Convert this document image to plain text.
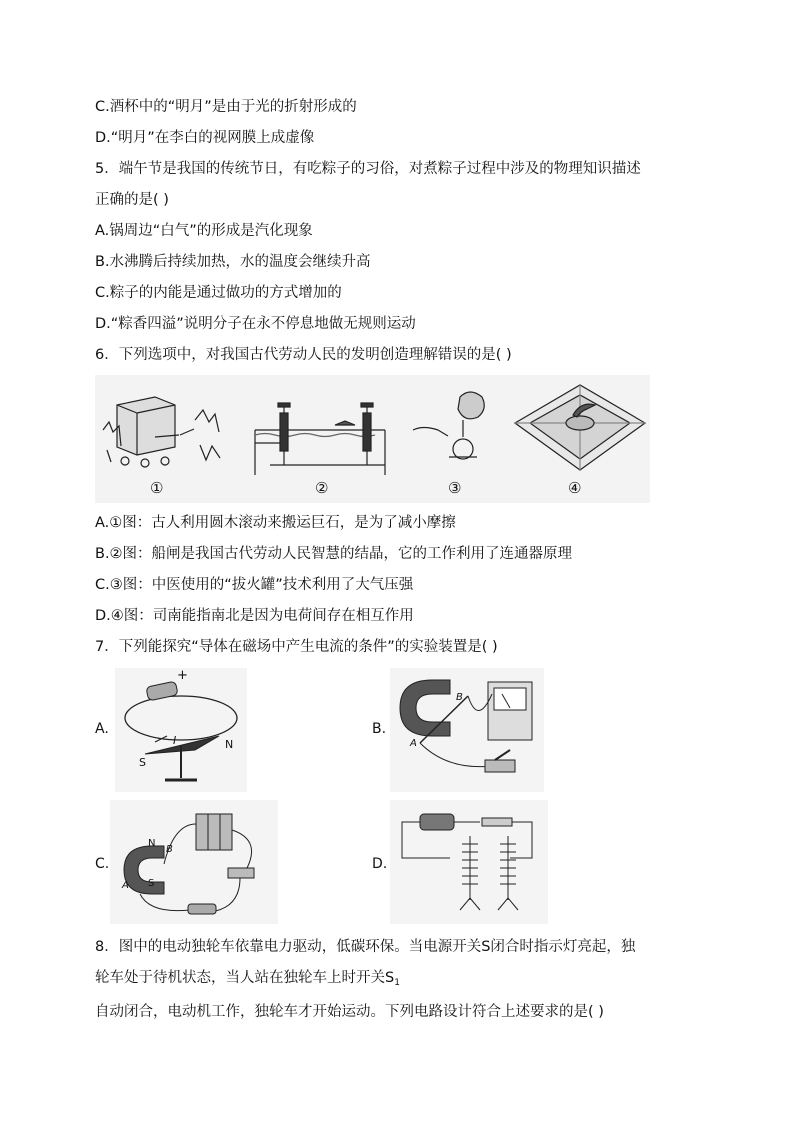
C.酒杯中的“明月”是由于光的折射形成的
D.“明月”在李白的视网膜上成虚像
5．端午节是我国的传统节日，有吃粽子的习俗，对煮粽子过程中涉及的物理知识描述
正确的是( )
A.锅周边“白气”的形成是汽化现象
B.水沸腾后持续加热，水的温度会继续升高
C.粽子的内能是通过做功的方式增加的
D.“粽香四溢”说明分子在永不停息地做无规则运动
6．下列选项中，对我国古代劳动人民的发明创造理解错误的是( )
①	②	③	④
A.①图：古人利用圆木滚动来搬运巨石，是为了减小摩擦
B.②图：船闸是我国古代劳动人民智慧的结晶，它的工作利用了连通器原理
C.③图：中医使用的“拔火罐”技术利用了大气压强
D.④图：司南能指南北是因为电荷间存在相互作用
7．下列能探究“导体在磁场中产生电流的条件”的实验装置是( )
A.
+
I	N
S
B.
B
A
C.
N
B
S
A
D.
8．图中的电动独轮车依靠电力驱动，低碳环保。当电源开关S闭合时指示灯亮起，独
轮车处于待机状态，当人站在独轮车上时开关$S_1$
自动闭合，电动机工作，独轮车才开始运动。下列电路设计符合上述要求的是( )
